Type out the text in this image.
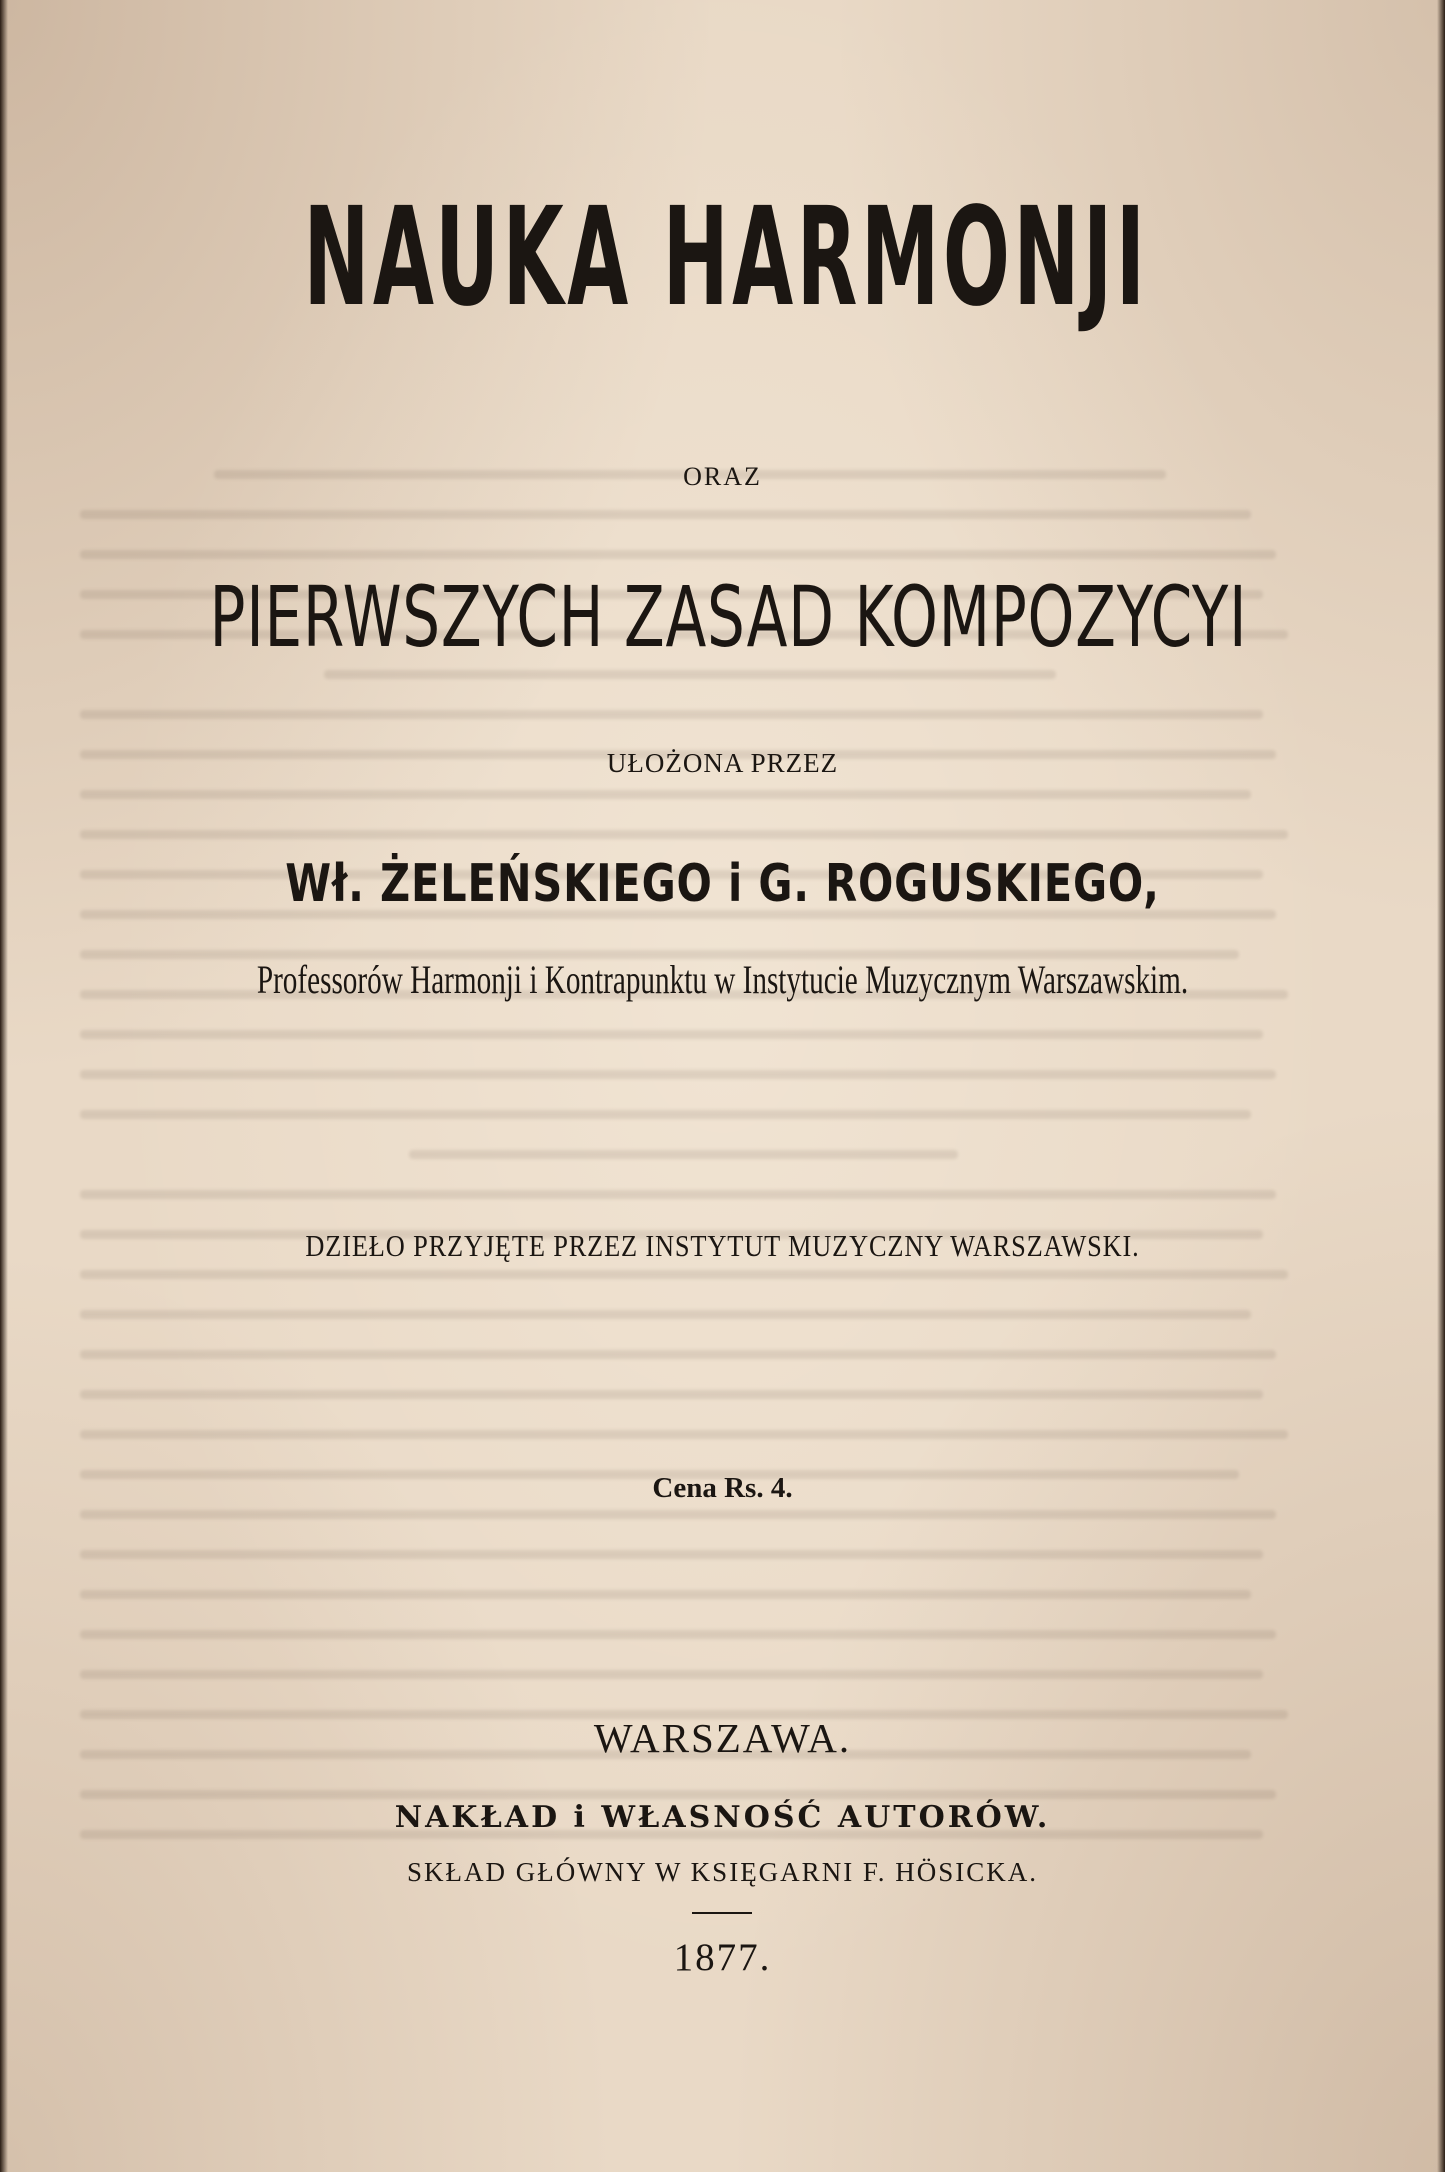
NAUKA HARMONJI
ORAZ
PIERWSZYCH ZASAD KOMPOZYCYI
UŁOŻONA PRZEZ
Wł. ŻELEŃSKIEGO i G. ROGUSKIEGO,
Professorów Harmonji i Kontrapunktu w Instytucie Muzycznym Warszawskim.
DZIEŁO PRZYJĘTE PRZEZ INSTYTUT MUZYCZNY WARSZAWSKI.
Cena Rs. 4.
WARSZAWA.
NAKŁAD i WŁASNOŚĆ AUTORÓW.
SKŁAD GŁÓWNY W KSIĘGARNI F. HÖSICKA.
1877.
